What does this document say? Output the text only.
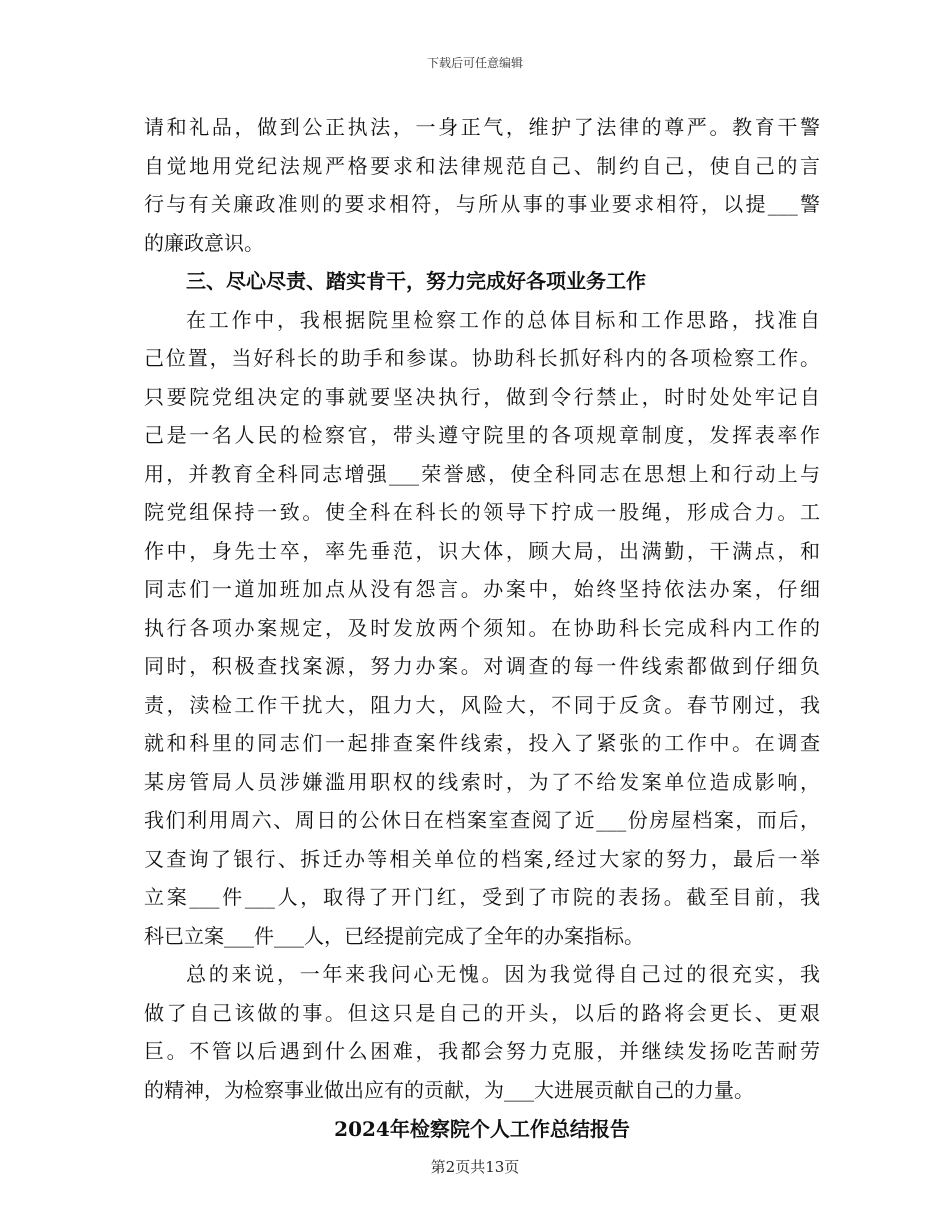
下载后可任意编辑
请和礼品，做到公正执法，一身正气，维护了法律的尊严。教育干警
自觉地用党纪法规严格要求和法律规范自己、制约自己，使自己的言
行与有关廉政准则的要求相符，与所从事的事业要求相符，以提___警
的廉政意识。
三、尽心尽责、踏实肯干，努力完成好各项业务工作
在工作中，我根据院里检察工作的总体目标和工作思路，找准自
己位置，当好科长的助手和参谋。协助科长抓好科内的各项检察工作。
只要院党组决定的事就要坚决执行，做到令行禁止，时时处处牢记自
己是一名人民的检察官，带头遵守院里的各项规章制度，发挥表率作
用，并教育全科同志增强___荣誉感，使全科同志在思想上和行动上与
院党组保持一致。使全科在科长的领导下拧成一股绳，形成合力。工
作中，身先士卒，率先垂范，识大体，顾大局，出满勤，干满点，和
同志们一道加班加点从没有怨言。办案中，始终坚持依法办案，仔细
执行各项办案规定，及时发放两个须知。在协助科长完成科内工作的
同时，积极查找案源，努力办案。对调查的每一件线索都做到仔细负
责，渎检工作干扰大，阻力大，风险大，不同于反贪。春节刚过，我
就和科里的同志们一起排查案件线索，投入了紧张的工作中。在调查
某房管局人员涉嫌滥用职权的线索时，为了不给发案单位造成影响，
我们利用周六、周日的公休日在档案室查阅了近___份房屋档案，而后，
又查询了银行、拆迁办等相关单位的档案,经过大家的努力，最后一举
立案___件___人，取得了开门红，受到了市院的表扬。截至目前，我
科已立案___件___人，已经提前完成了全年的办案指标。
总的来说，一年来我问心无愧。因为我觉得自己过的很充实，我
做了自己该做的事。但这只是自己的开头，以后的路将会更长、更艰
巨。不管以后遇到什么困难，我都会努力克服，并继续发扬吃苦耐劳
的精神，为检察事业做出应有的贡献，为___大进展贡献自己的力量。
2024年检察院个人工作总结报告
第2页共13页
